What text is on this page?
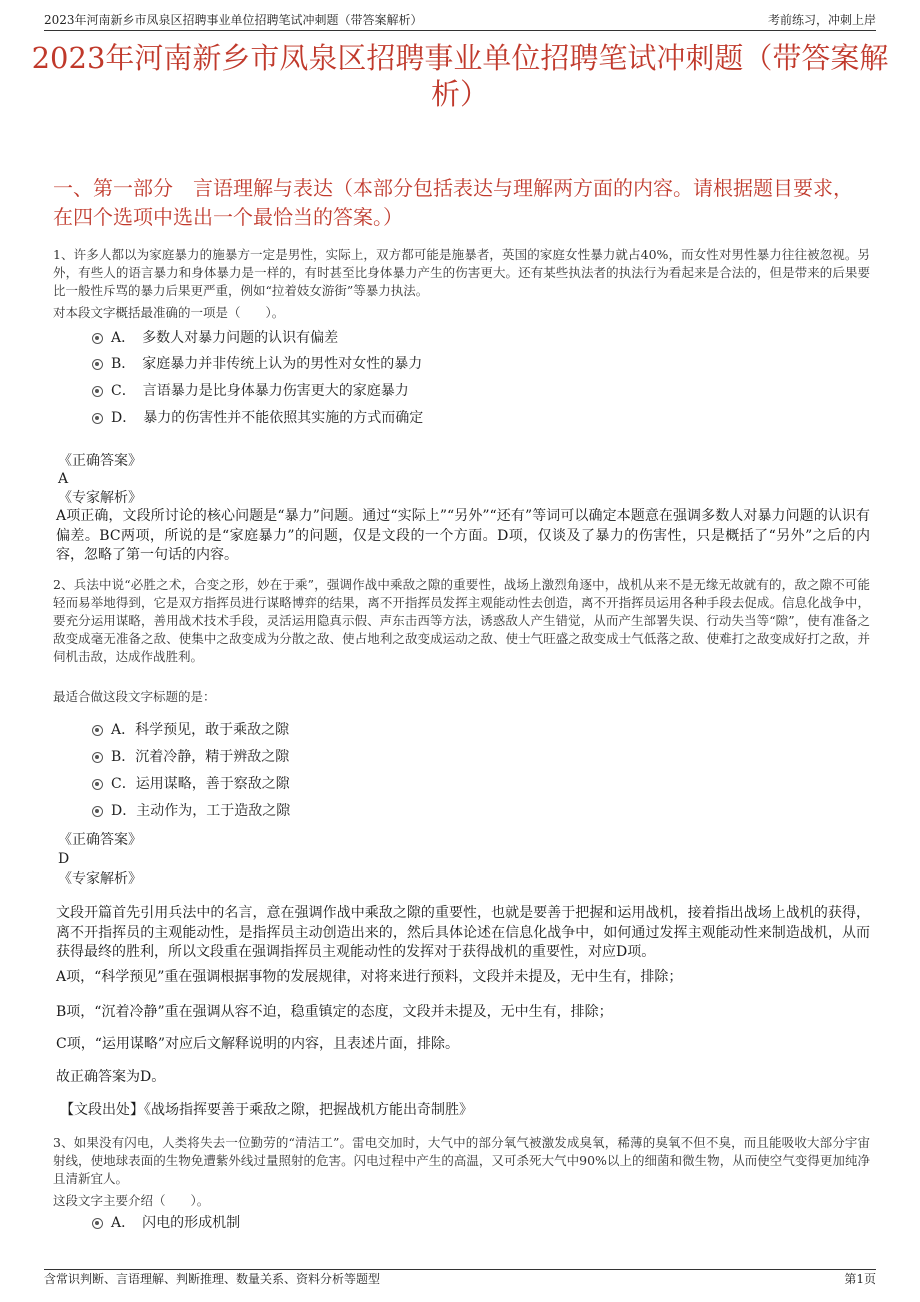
2023年河南新乡市凤泉区招聘事业单位招聘笔试冲刺题（带答案解析）	考前练习，冲刺上岸
2023年河南新乡市凤泉区招聘事业单位招聘笔试冲刺题（带答案解析）
一、第一部分　言语理解与表达（本部分包括表达与理解两方面的内容。请根据题目要求，在四个选项中选出一个最恰当的答案。）

1、许多人都以为家庭暴力的施暴方一定是男性，实际上，双方都可能是施暴者，英国的家庭女性暴力就占40%，而女性对男性暴力往往被忽视。另外，有些人的语言暴力和身体暴力是一样的，有时甚至比身体暴力产生的伤害更大。还有某些执法者的执法行为看起来是合法的，但是带来的后果要比一般性斥骂的暴力后果更严重，例如“拉着妓女游街”等暴力执法。

对本段文字概括最准确的一项是（　　）。

A．　多数人对暴力问题的认识有偏差
B．　家庭暴力并非传统上认为的男性对女性的暴力
C．　言语暴力是比身体暴力伤害更大的家庭暴力
D．　暴力的伤害性并不能依照其实施的方式而确定
《正确答案》
A
《专家解析》

A项正确，文段所讨论的核心问题是“暴力”问题。通过“实际上”“另外”“还有”等词可以确定本题意在强调多数人对暴力问题的认识有偏差。BC两项，所说的是“家庭暴力”的问题，仅是文段的一个方面。D项，仅谈及了暴力的伤害性，只是概括了“另外”之后的内容，忽略了第一句话的内容。

2、兵法中说“必胜之术，合变之形，妙在于乘”，强调作战中乘敌之隙的重要性，战场上激烈角逐中，战机从来不是无缘无故就有的，敌之隙不可能轻而易举地得到，它是双方指挥员进行谋略博弈的结果，离不开指挥员发挥主观能动性去创造，离不开指挥员运用各种手段去促成。信息化战争中，要充分运用谋略，善用战术技术手段，灵活运用隐真示假、声东击西等方法，诱惑敌人产生错觉，从而产生部署失误、行动失当等“隙”，使有准备之敌变成毫无准备之敌、使集中之敌变成为分散之敌、使占地利之敌变成运动之敌、使士气旺盛之敌变成士气低落之敌、使难打之敌变成好打之敌，并伺机击敌，达成作战胜利。

最适合做这段文字标题的是：

A．科学预见，敢于乘敌之隙
B．沉着冷静，精于辨敌之隙
C．运用谋略，善于察敌之隙
D．主动作为，工于造敌之隙
《正确答案》
D
《专家解析》

文段开篇首先引用兵法中的名言，意在强调作战中乘敌之隙的重要性，也就是要善于把握和运用战机，接着指出战场上战机的获得，离不开指挥员的主观能动性，是指挥员主动创造出来的，然后具体论述在信息化战争中，如何通过发挥主观能动性来制造战机，从而获得最终的胜利，所以文段重在强调指挥员主观能动性的发挥对于获得战机的重要性，对应D项。

A项，“科学预见”重在强调根据事物的发展规律，对将来进行预料，文段并未提及，无中生有，排除；

B项，“沉着冷静”重在强调从容不迫，稳重镇定的态度，文段并未提及，无中生有，排除；

C项，“运用谋略”对应后文解释说明的内容，且表述片面，排除。

故正确答案为D。

【文段出处】《战场指挥要善于乘敌之隙，把握战机方能出奇制胜》

3、如果没有闪电，人类将失去一位勤劳的“清洁工”。雷电交加时，大气中的部分氧气被激发成臭氧，稀薄的臭氧不但不臭，而且能吸收大部分宇宙射线，使地球表面的生物免遭紫外线过量照射的危害。闪电过程中产生的高温，又可杀死大气中90%以上的细菌和微生物，从而使空气变得更加纯净且清新宜人。

这段文字主要介绍（　　）。

A．　闪电的形成机制
含常识判断、言语理解、判断推理、数量关系、资料分析等题型	第1页
